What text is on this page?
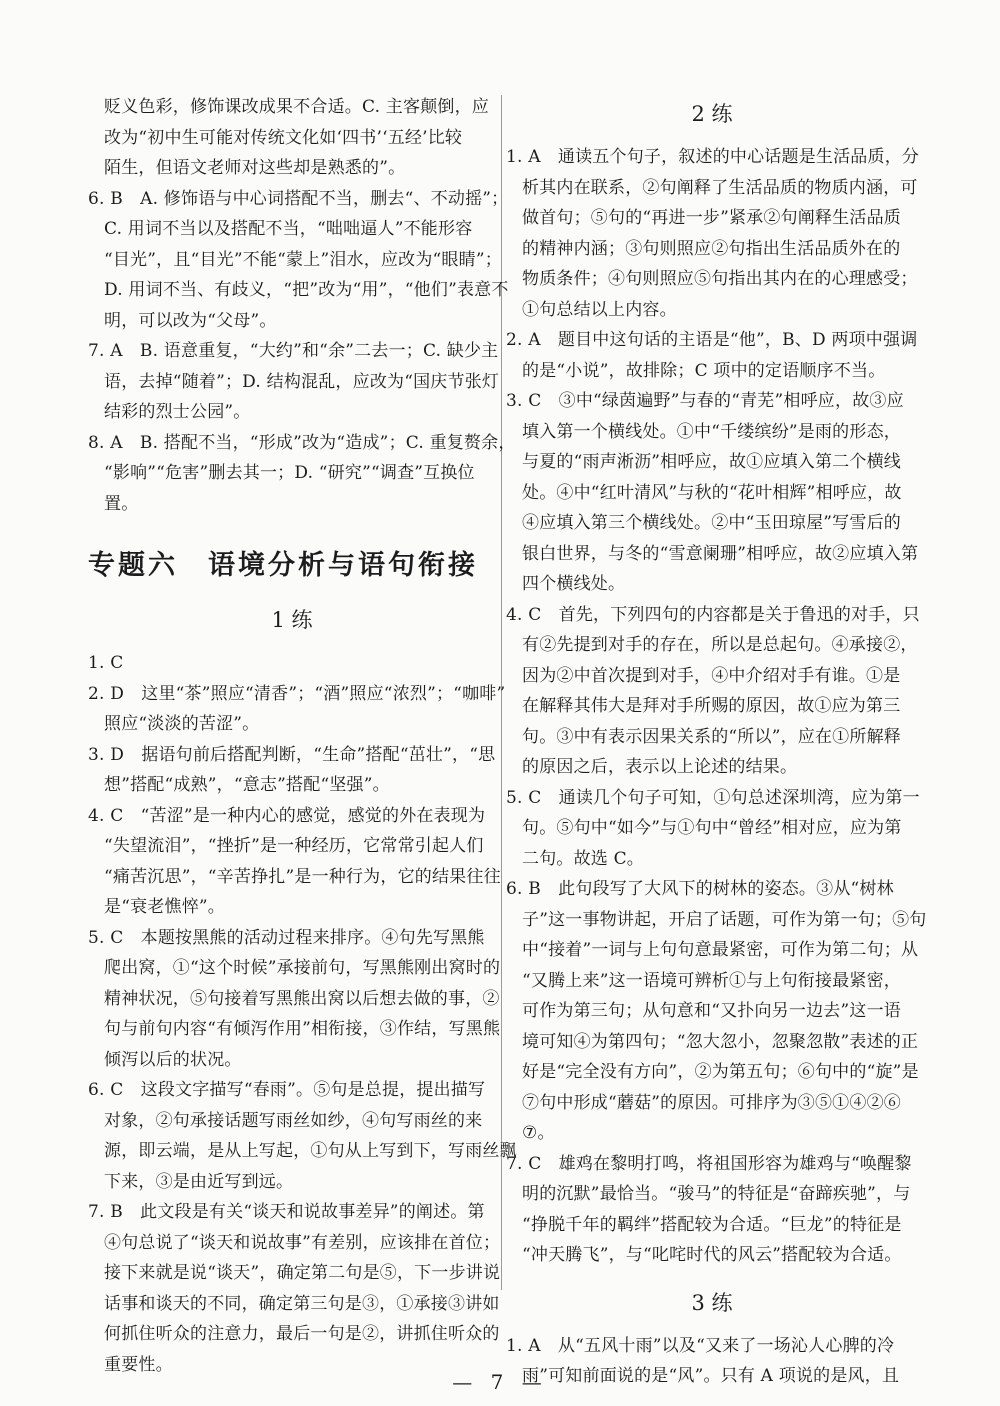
贬义色彩，修饰课改成果不合适。C. 主客颠倒，应

改为“初中生可能对传统文化如‘四书’‘五经’比较

陌生，但语文老师对这些却是熟悉的”。

6. B　A. 修饰语与中心词搭配不当，删去“、不动摇”；

C. 用词不当以及搭配不当，“咄咄逼人”不能形容

“目光”，且“目光”不能“蒙上”泪水，应改为“眼睛”；

D. 用词不当、有歧义，“把”改为“用”，“他们”表意不

明，可以改为“父母”。

7. A　B. 语意重复，“大约”和“余”二去一；C. 缺少主

语，去掉“随着”；D. 结构混乱，应改为“国庆节张灯

结彩的烈士公园”。

8. A　B. 搭配不当，“形成”改为“造成”；C. 重复赘余，

“影响”“危害”删去其一；D. “研究”“调查”互换位

置。

专题六　语境分析与语句衔接
1 练

1. C

2. D　这里“茶”照应“清香”；“酒”照应“浓烈”；“咖啡”

照应“淡淡的苦涩”。

3. D　据语句前后搭配判断，“生命”搭配“茁壮”，“思

想”搭配“成熟”，“意志”搭配“坚强”。

4. C　“苦涩”是一种内心的感觉，感觉的外在表现为

“失望流泪”，“挫折”是一种经历，它常常引起人们

“痛苦沉思”，“辛苦挣扎”是一种行为，它的结果往往

是“衰老憔悴”。

5. C　本题按黑熊的活动过程来排序。④句先写黑熊

爬出窝，①“这个时候”承接前句，写黑熊刚出窝时的

精神状况，⑤句接着写黑熊出窝以后想去做的事，②

句与前句内容“有倾泻作用”相衔接，③作结，写黑熊

倾泻以后的状况。

6. C　这段文字描写“春雨”。⑤句是总提，提出描写

对象，②句承接话题写雨丝如纱，④句写雨丝的来

源，即云端，是从上写起，①句从上写到下，写雨丝飘

下来，③是由近写到远。

7. B　此文段是有关“谈天和说故事差异”的阐述。第

④句总说了“谈天和说故事”有差别，应该排在首位；

接下来就是说“谈天”，确定第二句是⑤，下一步讲说

话事和谈天的不同，确定第三句是③，①承接③讲如

何抓住听众的注意力，最后一句是②，讲抓住听众的

重要性。

2 练

1. A　通读五个句子，叙述的中心话题是生活品质，分

析其内在联系，②句阐释了生活品质的物质内涵，可

做首句；⑤句的“再进一步”紧承②句阐释生活品质

的精神内涵；③句则照应②句指出生活品质外在的

物质条件；④句则照应⑤句指出其内在的心理感受；

①句总结以上内容。

2. A　题目中这句话的主语是“他”，B、D 两项中强调

的是“小说”，故排除；C 项中的定语顺序不当。

3. C　③中“绿茵遍野”与春的“青芜”相呼应，故③应

填入第一个横线处。①中“千缕缤纷”是雨的形态，

与夏的“雨声淅沥”相呼应，故①应填入第二个横线

处。④中“红叶清风”与秋的“花叶相辉”相呼应，故

④应填入第三个横线处。②中“玉田琼屋”写雪后的

银白世界，与冬的“雪意阑珊”相呼应，故②应填入第

四个横线处。

4. C　首先，下列四句的内容都是关于鲁迅的对手，只

有②先提到对手的存在，所以是总起句。④承接②，

因为②中首次提到对手，④中介绍对手有谁。①是

在解释其伟大是拜对手所赐的原因，故①应为第三

句。③中有表示因果关系的“所以”，应在①所解释

的原因之后，表示以上论述的结果。

5. C　通读几个句子可知，①句总述深圳湾，应为第一

句。⑤句中“如今”与①句中“曾经”相对应，应为第

二句。故选 C。

6. B　此句段写了大风下的树林的姿态。③从“树林

子”这一事物讲起，开启了话题，可作为第一句；⑤句

中“接着”一词与上句句意最紧密，可作为第二句；从

“又腾上来”这一语境可辨析①与上句衔接最紧密，

可作为第三句；从句意和“又扑向另一边去”这一语

境可知④为第四句；“忽大忽小，忽聚忽散”表述的正

好是“完全没有方向”，②为第五句；⑥句中的“旋”是

⑦句中形成“蘑菇”的原因。可排序为③⑤①④②⑥

⑦。

7. C　雄鸡在黎明打鸣，将祖国形容为雄鸡与“唤醒黎

明的沉默”最恰当。“骏马”的特征是“奋蹄疾驰”，与

“挣脱千年的羁绊”搭配较为合适。“巨龙”的特征是

“冲天腾飞”，与“叱咤时代的风云”搭配较为合适。

3 练

1. A　从“五风十雨”以及“又来了一场沁人心脾的冷

雨”可知前面说的是“风”。只有 A 项说的是风，且

— 7 —
